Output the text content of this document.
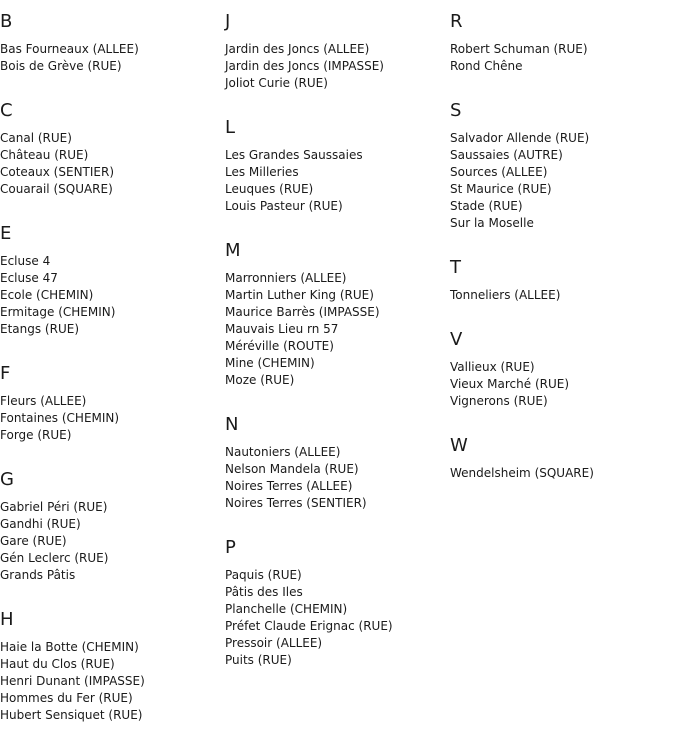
B
Bas Fourneaux (ALLEE)
Bois de Grève (RUE)
C
Canal (RUE)
Château (RUE)
Coteaux (SENTIER)
Couarail (SQUARE)
E
Ecluse 4
Ecluse 47
Ecole (CHEMIN)
Ermitage (CHEMIN)
Etangs (RUE)
F
Fleurs (ALLEE)
Fontaines (CHEMIN)
Forge (RUE)
G
Gabriel Péri (RUE)
Gandhi (RUE)
Gare (RUE)
Gén Leclerc (RUE)
Grands Pâtis
H
Haie la Botte (CHEMIN)
Haut du Clos (RUE)
Henri Dunant (IMPASSE)
Hommes du Fer (RUE)
Hubert Sensiquet (RUE)
J
Jardin des Joncs (ALLEE)
Jardin des Joncs (IMPASSE)
Joliot Curie (RUE)
L
Les Grandes Saussaies
Les Milleries
Leuques (RUE)
Louis Pasteur (RUE)
M
Marronniers (ALLEE)
Martin Luther King (RUE)
Maurice Barrès (IMPASSE)
Mauvais Lieu rn 57
Méréville (ROUTE)
Mine (CHEMIN)
Moze (RUE)
N
Nautoniers (ALLEE)
Nelson Mandela (RUE)
Noires Terres (ALLEE)
Noires Terres (SENTIER)
P
Paquis (RUE)
Pâtis des Iles
Planchelle (CHEMIN)
Préfet Claude Erignac (RUE)
Pressoir (ALLEE)
Puits (RUE)
R
Robert Schuman (RUE)
Rond Chêne
S
Salvador Allende (RUE)
Saussaies (AUTRE)
Sources (ALLEE)
St Maurice (RUE)
Stade (RUE)
Sur la Moselle
T
Tonneliers (ALLEE)
V
Vallieux (RUE)
Vieux Marché (RUE)
Vignerons (RUE)
W
Wendelsheim (SQUARE)
